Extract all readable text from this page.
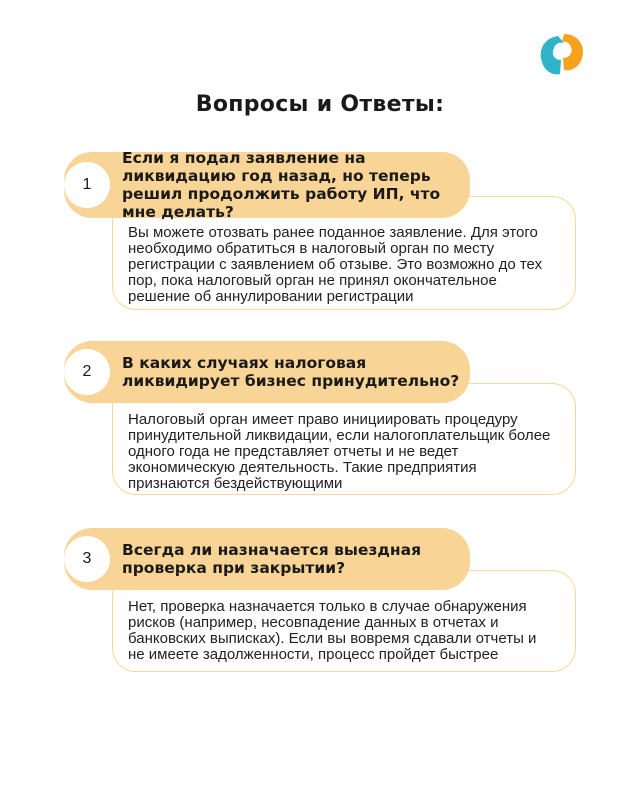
Вопросы и Ответы:

Вы можете отозвать ранее поданное заявление. Для этого необходимо обратиться в налоговый орган по месту регистрации с заявлением об отзыве. Это возможно до тех пор, пока налоговый орган не принял окончательное решение об аннулировании регистрации

1

Если я подал заявление на ликвидацию год назад, но теперь решил продолжить работу ИП, что мне делать?

Налоговый орган имеет право инициировать процедуру принудительной ликвидации, если налогоплательщик более одного года не представляет отчеты и не ведет экономическую деятельность. Такие предприятия признаются бездействующими

2	В каких случаях налоговая ликвидирует бизнес принудительно?

Нет, проверка назначается только в случае обнаружения рисков (например, несовпадение данных в отчетах и банковских выписках). Если вы вовремя сдавали отчеты и не имеете задолженности, процесс пройдет быстрее

3	Всегда ли назначается выездная проверка при закрытии?
